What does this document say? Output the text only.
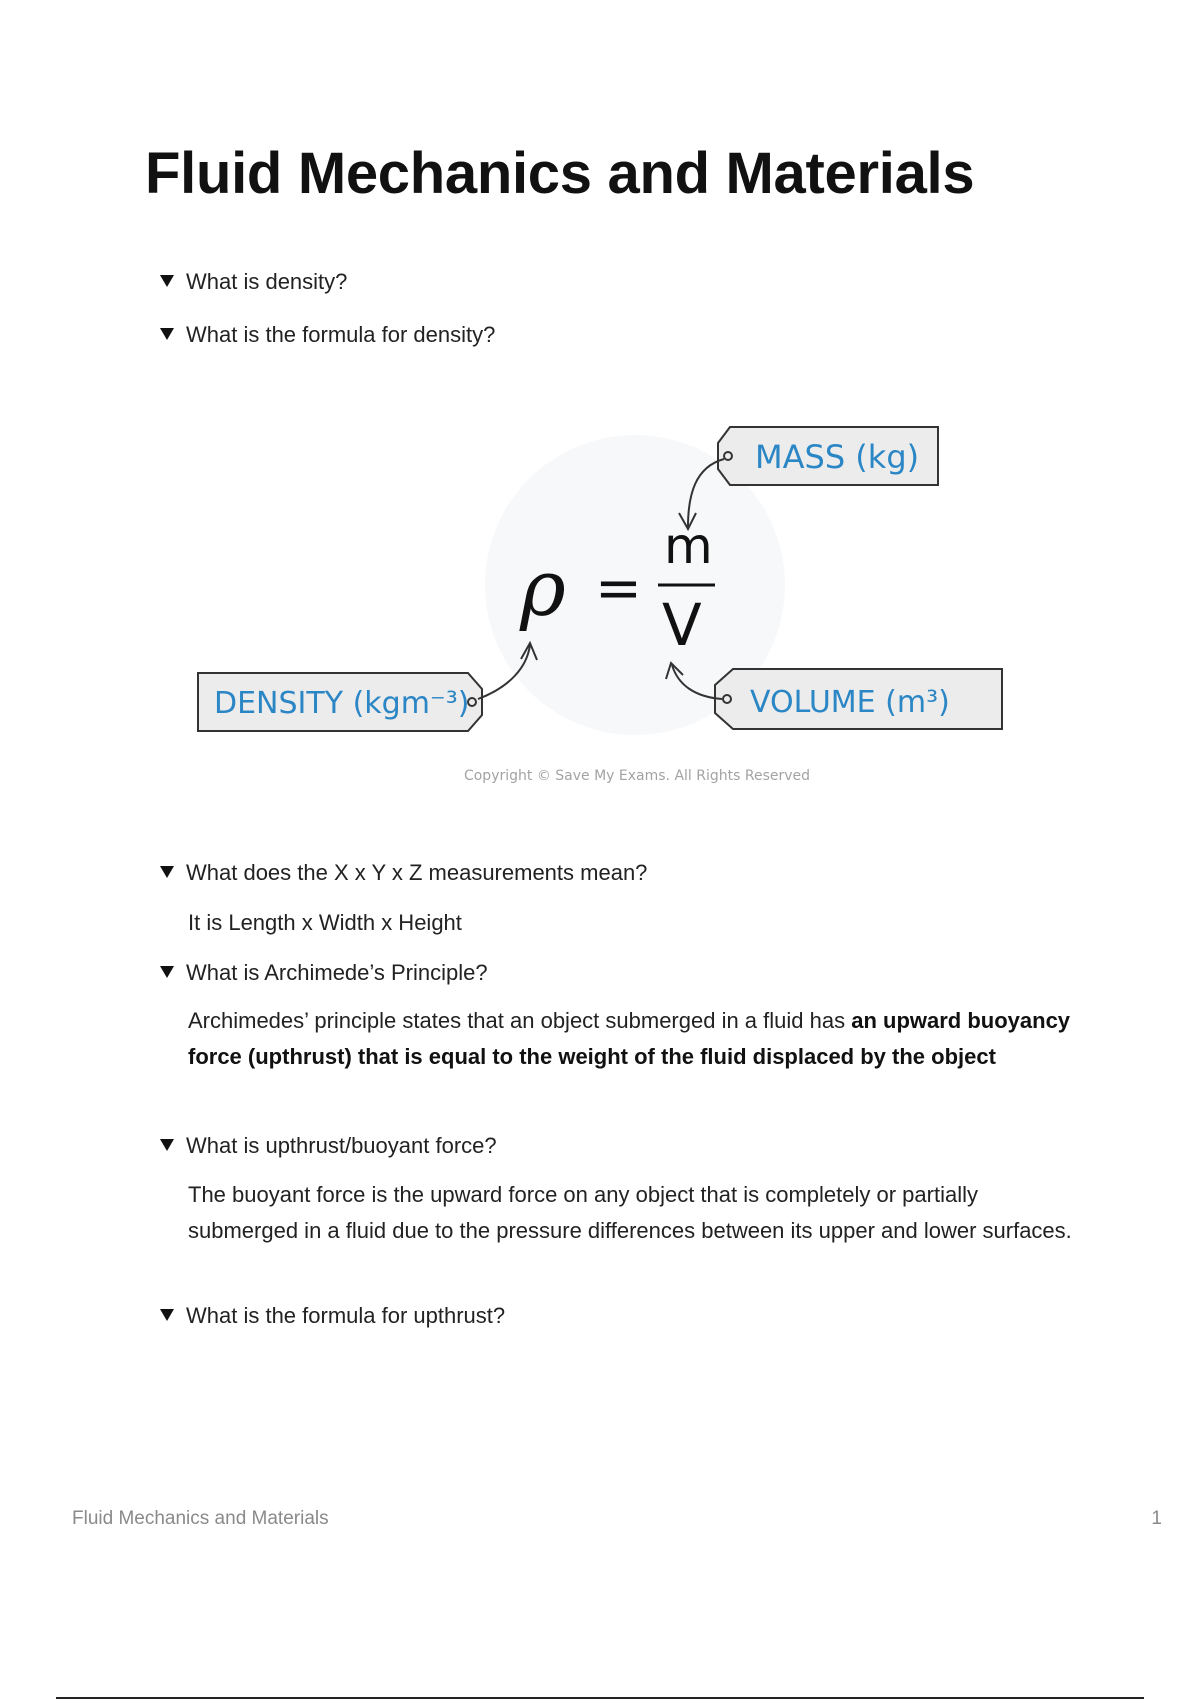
Fluid Mechanics and Materials
What is density?
What is the formula for density?
MASS (kg)
ρ =
m
V
DENSITY (kgm⁻³)	VOLUME (m³)
Copyright © Save My Exams. All Rights Reserved
What does the X x Y x Z measurements mean?
It is Length x Width x Height
What is Archimede’s Principle?
Archimedes’ principle states that an object submerged in a fluid has an upward buoyancy force (upthrust) that is equal to the weight of the fluid displaced by the object
What is upthrust/buoyant force?
The buoyant force is the upward force on any object that is completely or partially submerged in a fluid due to the pressure differences between its upper and lower surfaces.
What is the formula for upthrust?
Fluid Mechanics and Materials	1
